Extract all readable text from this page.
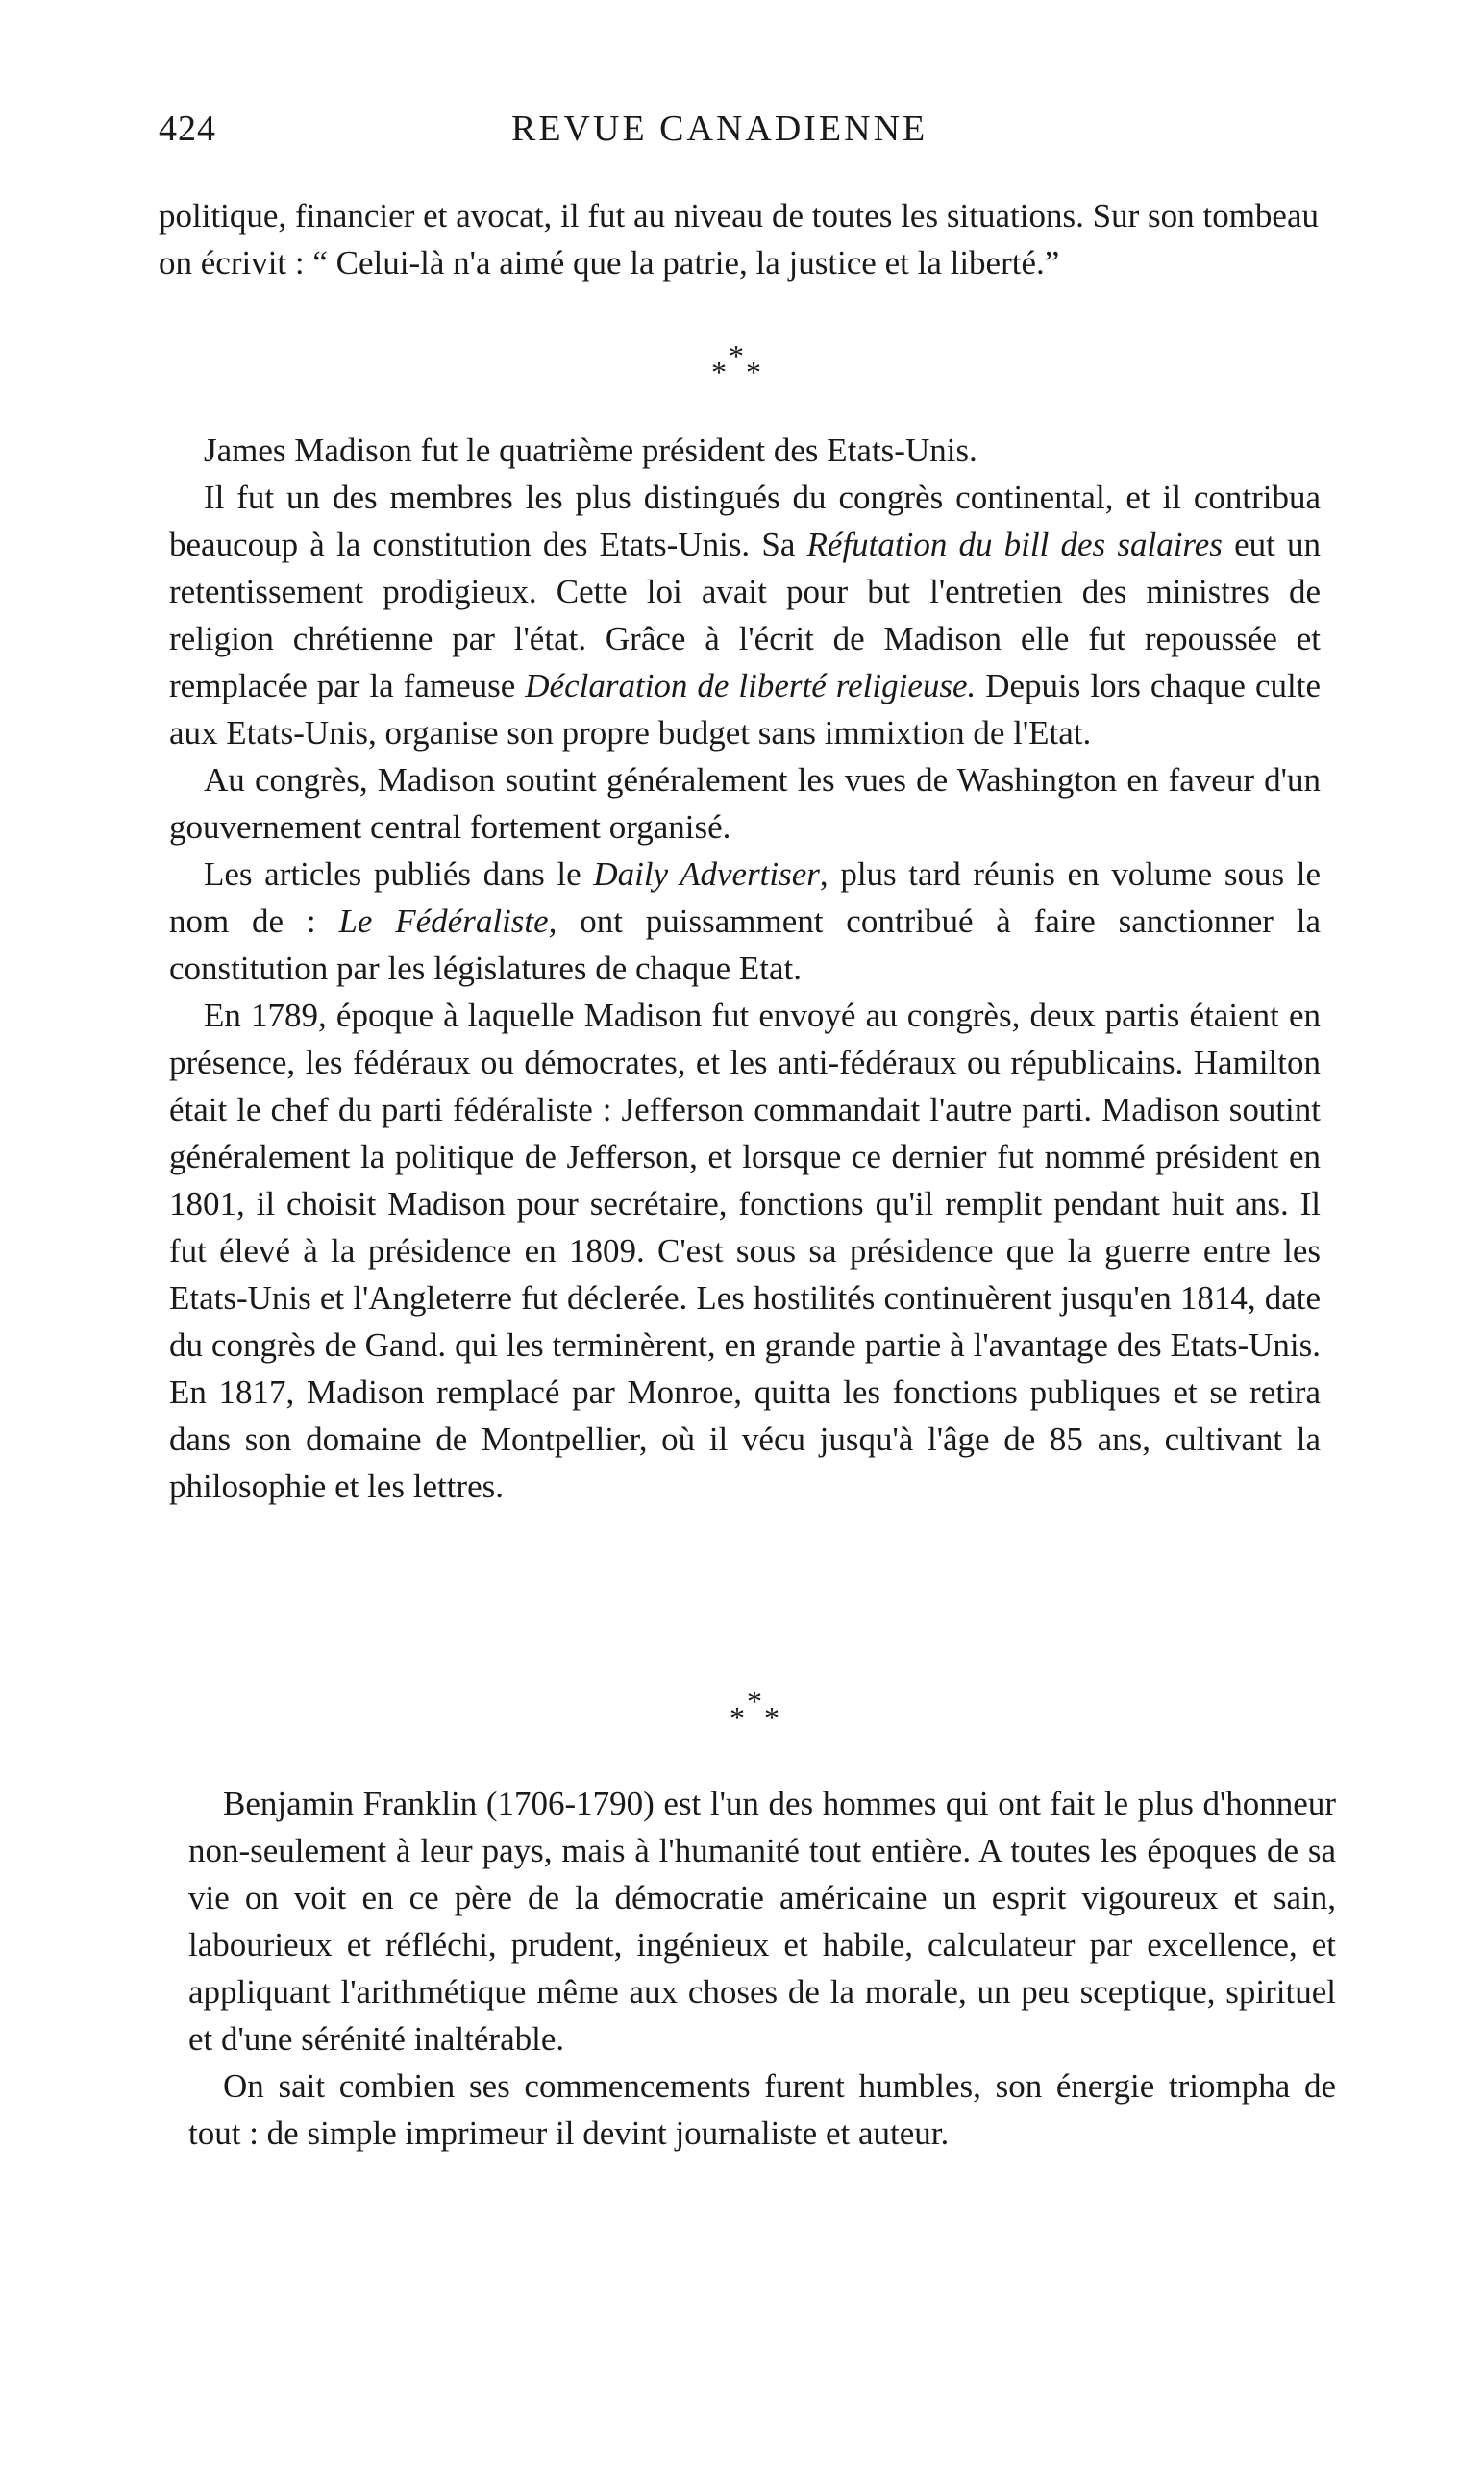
424	REVUE CANADIENNE

politique, financier et avocat, il fut au niveau de toutes les situations. Sur son tombeau on écrivit : “ Celui-là n'a aimé que la patrie, la justice et la liberté.”

*
* *

James Madison fut le quatrième président des Etats-Unis.

Il fut un des membres les plus distingués du congrès continental, et il contribua beaucoup à la constitution des Etats-Unis. Sa Réfutation du bill des salaires eut un retentissement prodigieux. Cette loi avait pour but l'entretien des ministres de religion chrétienne par l'état. Grâce à l'écrit de Madison elle fut repoussée et remplacée par la fameuse Déclaration de liberté religieuse. Depuis lors chaque culte aux Etats-Unis, organise son propre budget sans immixtion de l'Etat.

Au congrès, Madison soutint généralement les vues de Washington en faveur d'un gouvernement central fortement organisé.

Les articles publiés dans le Daily Advertiser, plus tard réunis en volume sous le nom de : Le Fédéraliste, ont puissamment contribué à faire sanctionner la constitution par les législatures de chaque Etat.

En 1789, époque à laquelle Madison fut envoyé au congrès, deux partis étaient en présence, les fédéraux ou démocrates, et les anti-fédéraux ou républicains. Hamilton était le chef du parti fédéraliste : Jefferson commandait l'autre parti. Madison soutint généralement la politique de Jefferson, et lorsque ce dernier fut nommé président en 1801, il choisit Madison pour secrétaire, fonctions qu'il remplit pendant huit ans. Il fut élevé à la présidence en 1809. C'est sous sa présidence que la guerre entre les Etats-Unis et l'Angleterre fut déclerée. Les hostilités continuèrent jusqu'en 1814, date du congrès de Gand. qui les terminèrent, en grande partie à l'avantage des Etats-Unis. En 1817, Madison remplacé par Monroe, quitta les fonctions publiques et se retira dans son domaine de Montpellier, où il vécu jusqu'à l'âge de 85 ans, cultivant la philosophie et les lettres.

*
* *

Benjamin Franklin (1706-1790) est l'un des hommes qui ont fait le plus d'honneur non-seulement à leur pays, mais à l'humanité tout entière. A toutes les époques de sa vie on voit en ce père de la démocratie américaine un esprit vigoureux et sain, labourieux et réfléchi, prudent, ingénieux et habile, calculateur par excellence, et appliquant l'arithmétique même aux choses de la morale, un peu sceptique, spirituel et d'une sérénité inaltérable.

On sait combien ses commencements furent humbles, son énergie triompha de tout : de simple imprimeur il devint journaliste et auteur.
